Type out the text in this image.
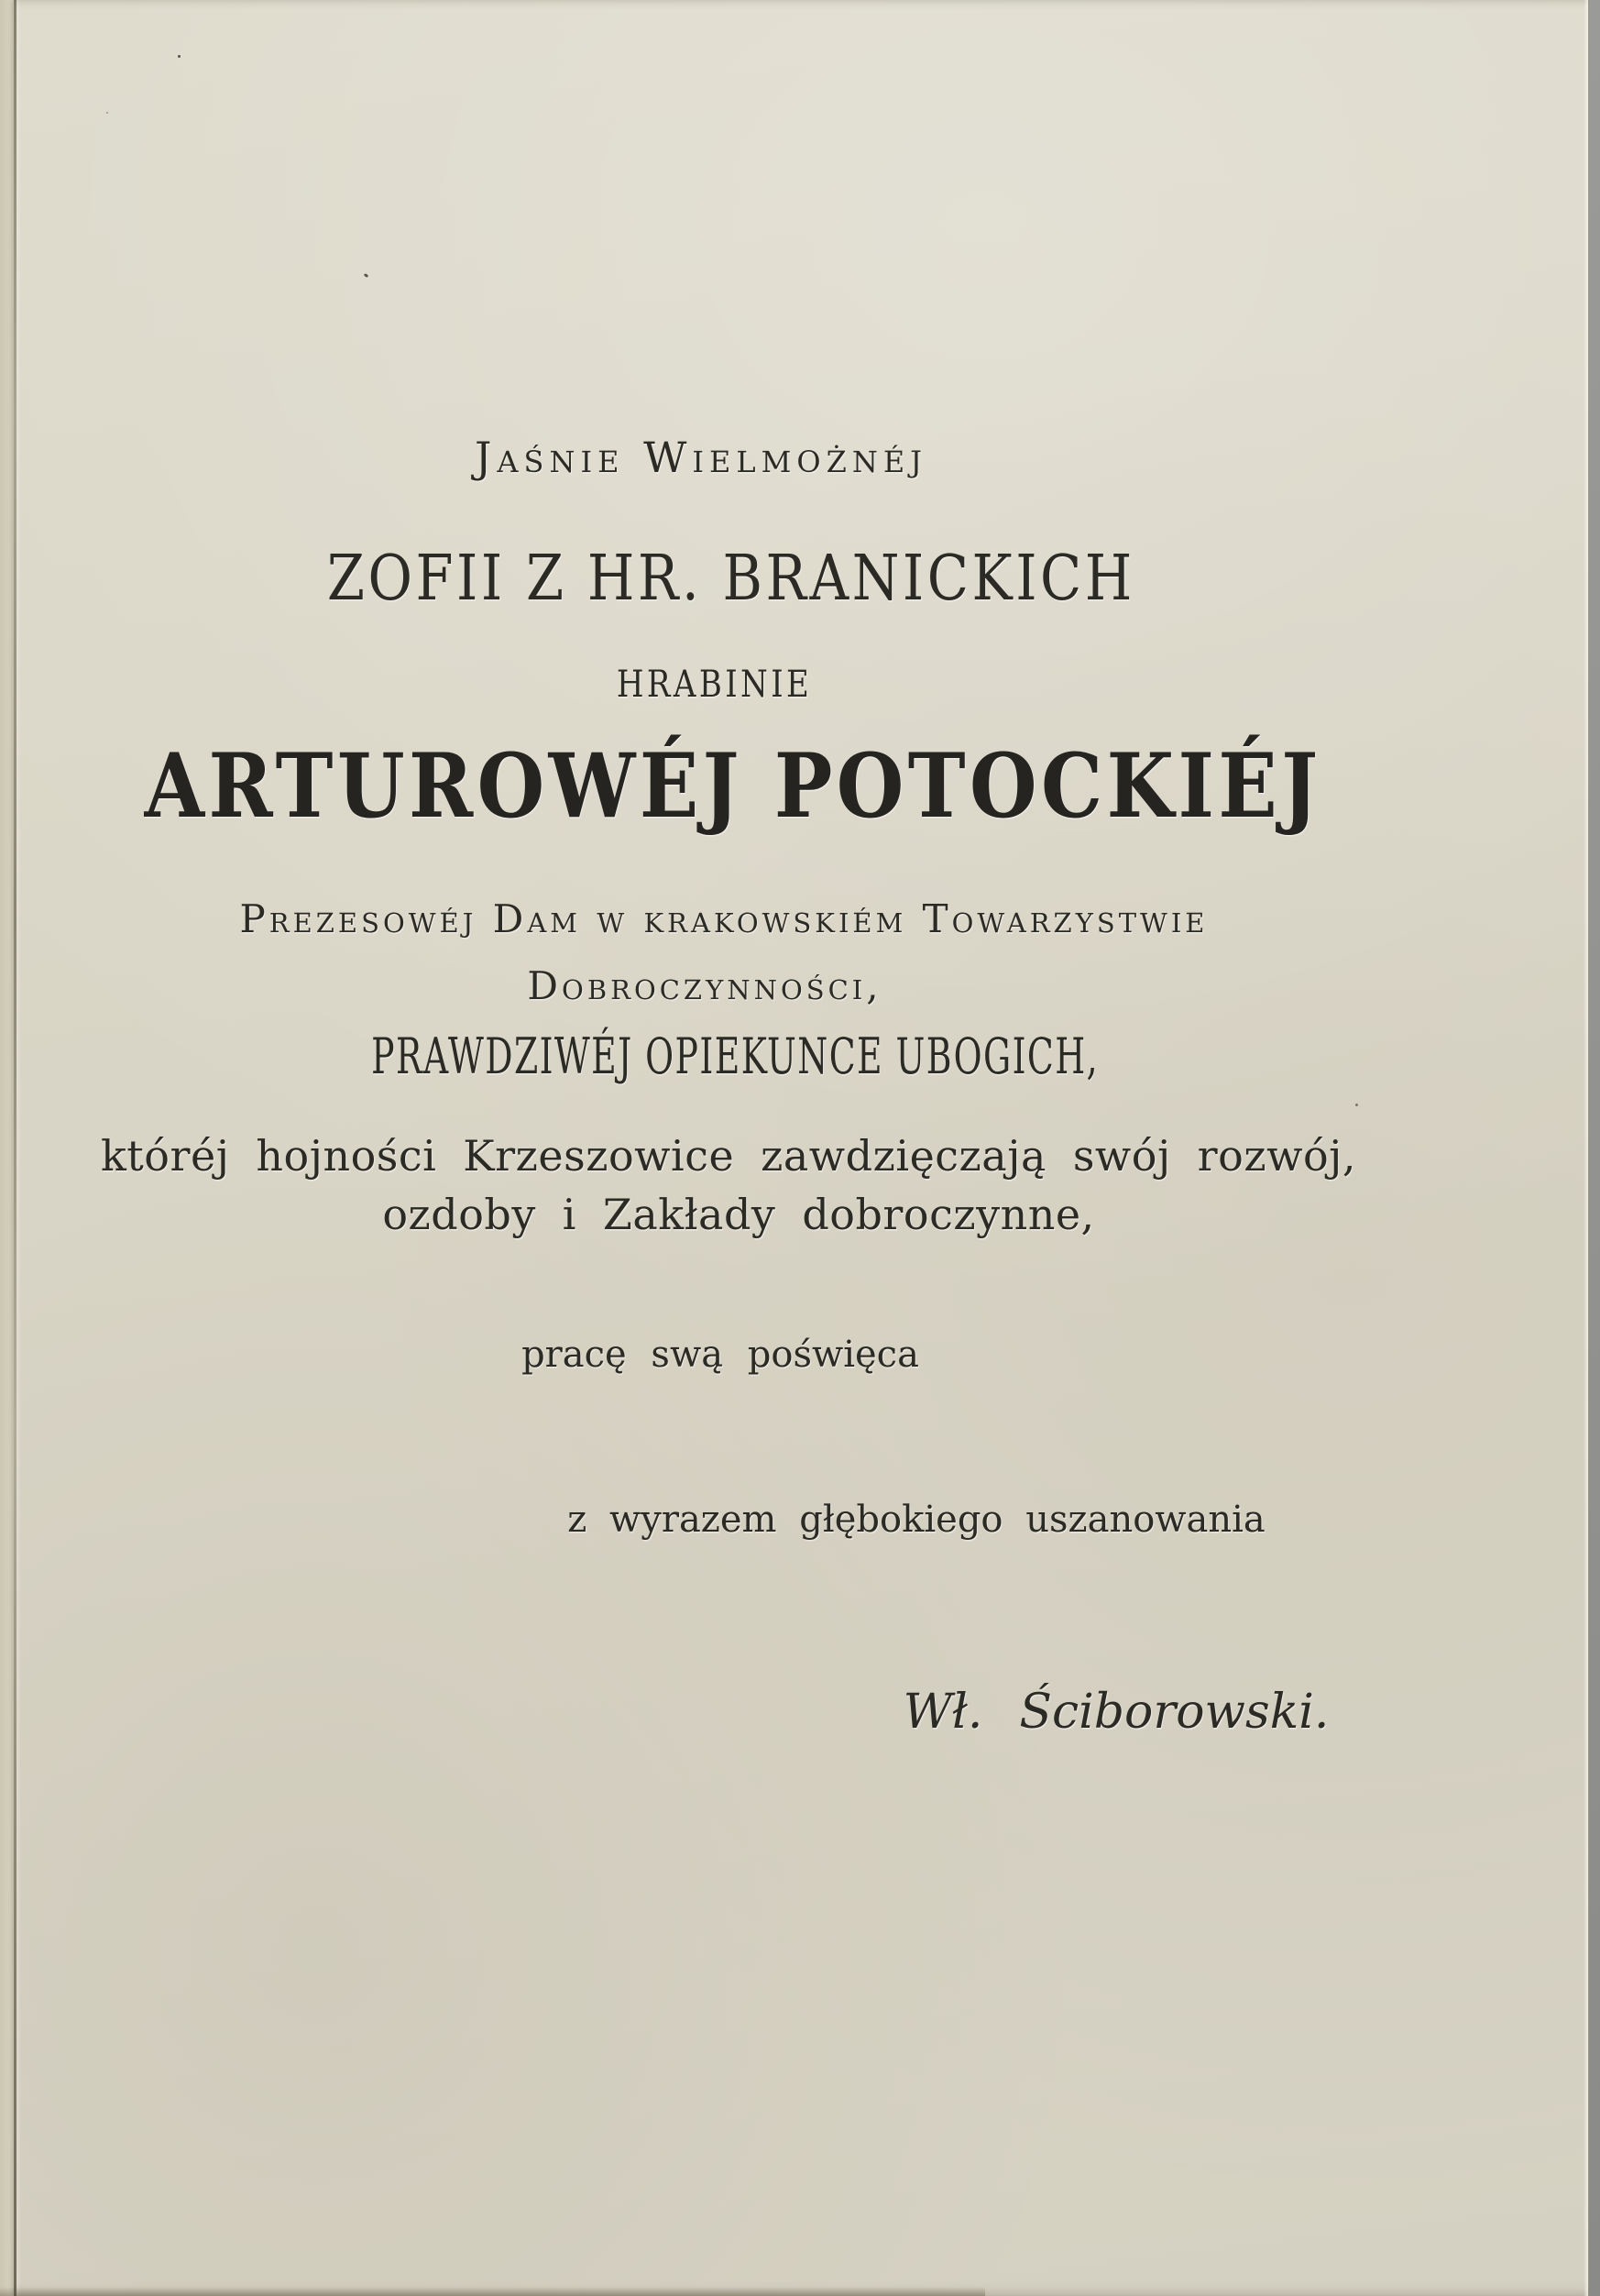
Jaśnie Wielmożnéj
ZOFII Z HR. BRANICKICH
HRABINIE
ARTUROWÉJ POTOCKIÉJ
Prezesowéj Dam w krakowskiém Towarzystwie
Dobroczynności,
PRAWDZIWÉJ OPIEKUNCE UBOGICH,
któréj hojności Krzeszowice zawdzięczają swój rozwój,
ozdoby i Zakłady dobroczynne,
pracę swą poświęca
z wyrazem głębokiego uszanowania
Wł. Ściborowski.
